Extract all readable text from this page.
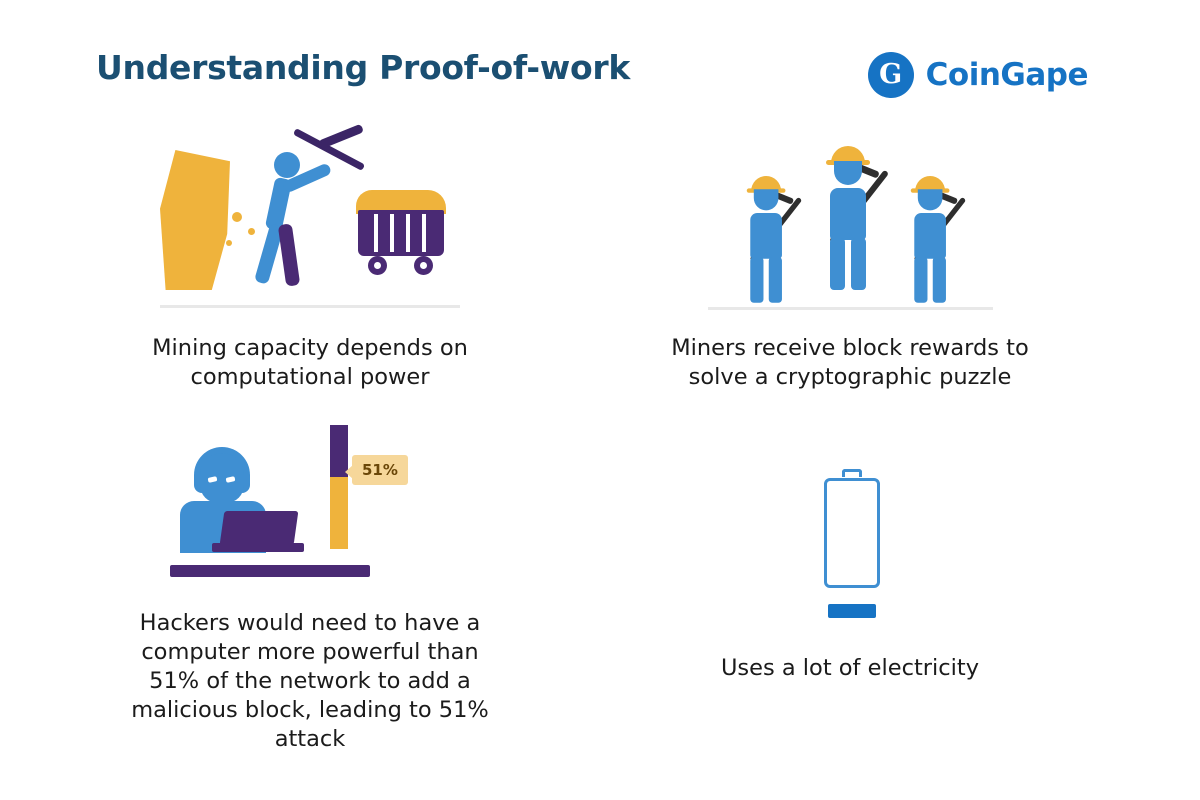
Understanding Proof-of-work	G CoinGape
Mining capacity depends on computational power
Miners receive block rewards to solve a cryptographic puzzle
51%
Hackers would need to have a computer more powerful than 51% of the network to add a malicious block, leading to 51% attack
Uses a lot of electricity
